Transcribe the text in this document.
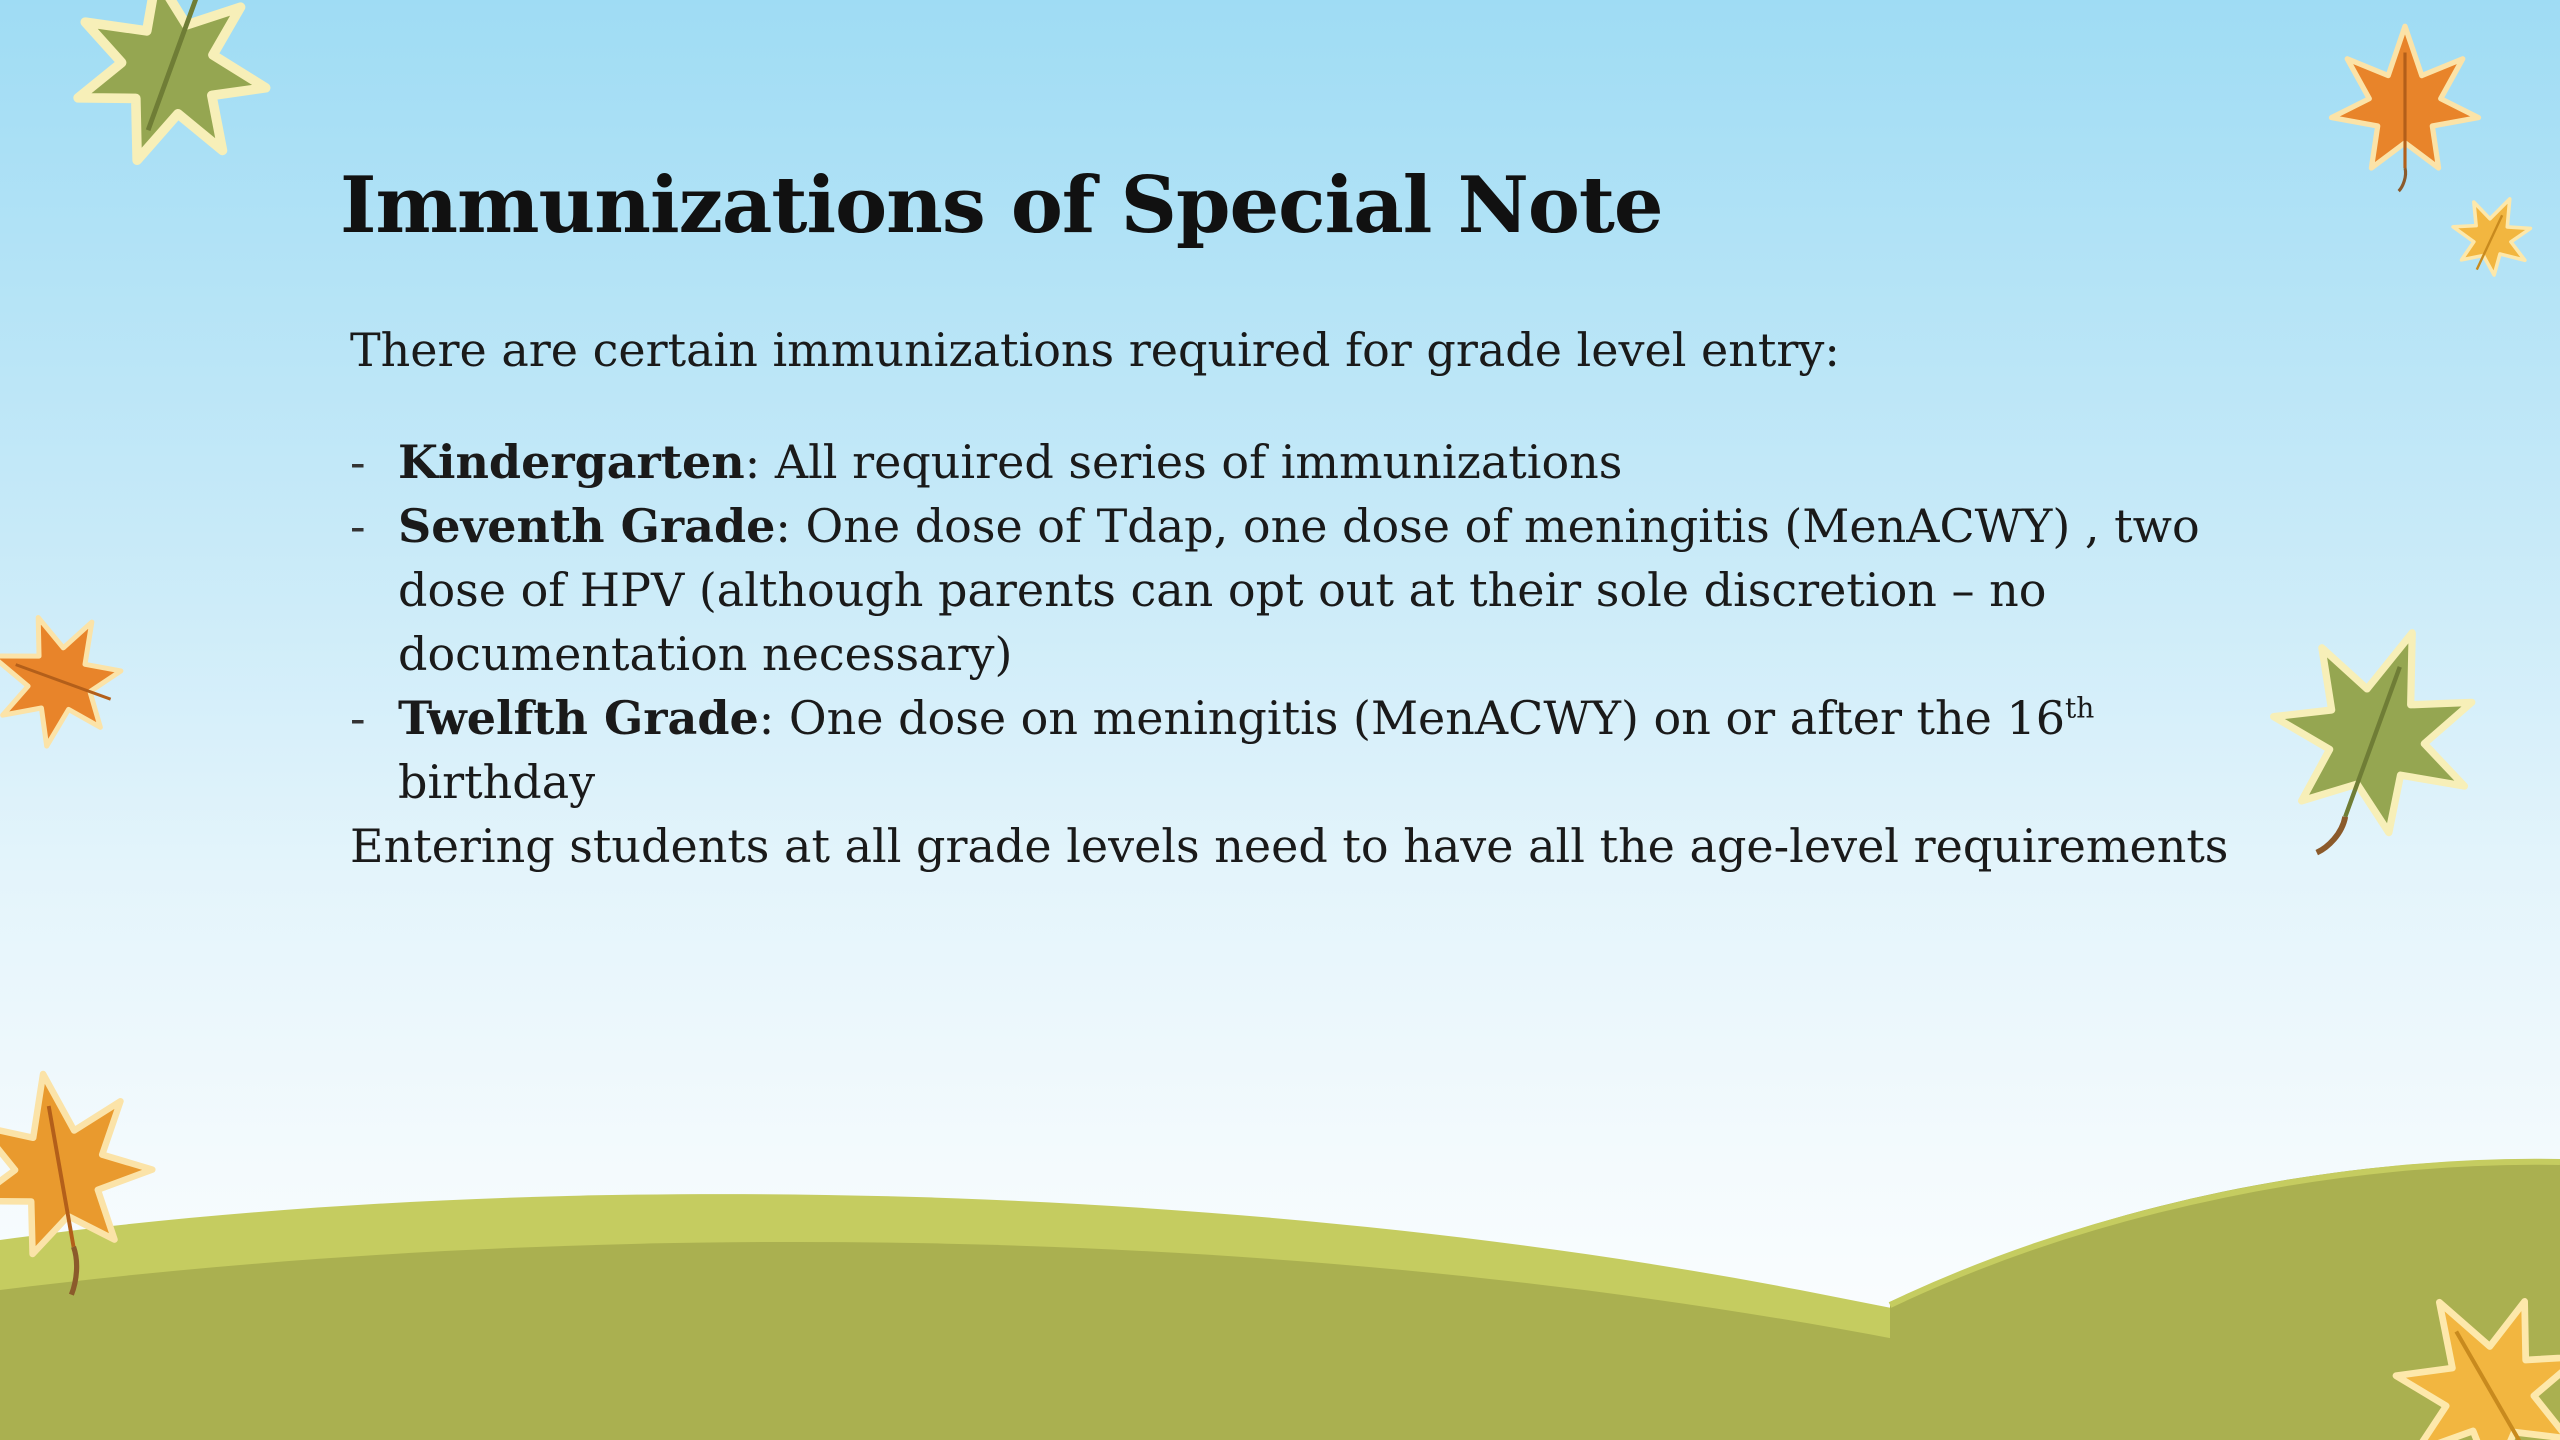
Immunizations of Special Note

There are certain immunizations required for grade level entry:

- Kindergarten: All required series of immunizations

- Seventh Grade: One dose of Tdap, one dose of meningitis (MenACWY) , two dose of HPV (although parents can opt out at their sole discretion – no documentation necessary)

- Twelfth Grade: One dose on meningitis (MenACWY) on or after the 16th birthday

Entering students at all grade levels need to have all the age-level requirements
